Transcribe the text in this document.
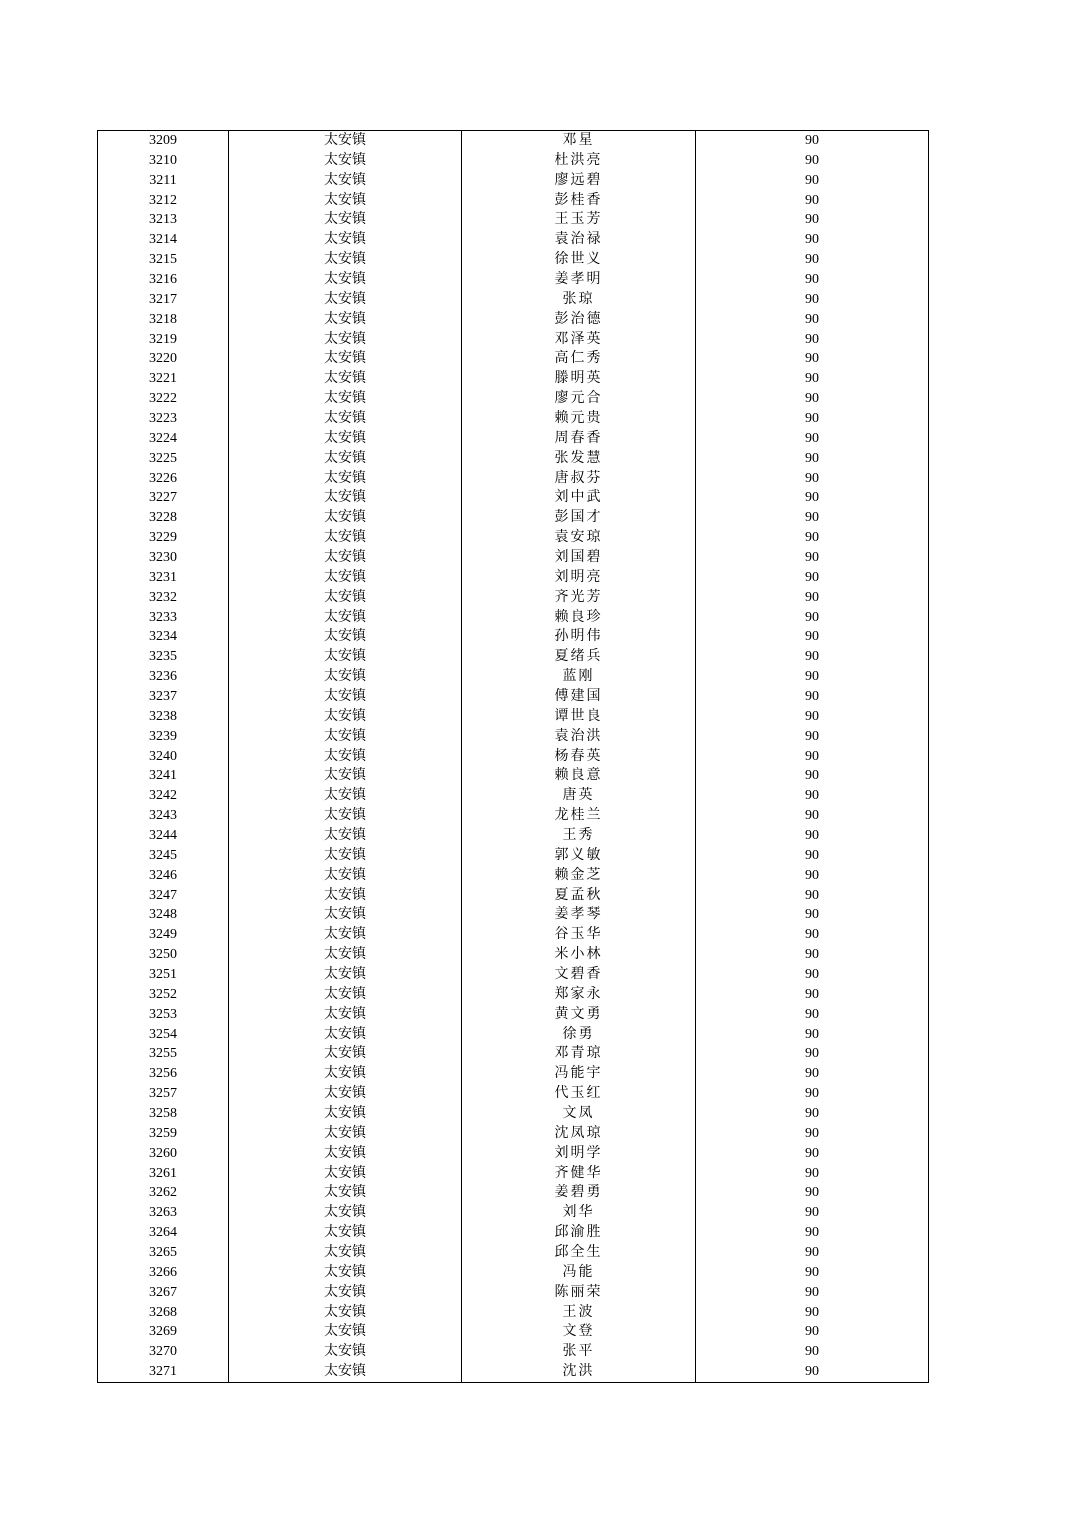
3209	太安镇	邓星	90
3210	太安镇	杜洪亮	90
3211	太安镇	廖远碧	90
3212	太安镇	彭桂香	90
3213	太安镇	王玉芳	90
3214	太安镇	袁治禄	90
3215	太安镇	徐世义	90
3216	太安镇	姜孝明	90
3217	太安镇	张琼	90
3218	太安镇	彭治德	90
3219	太安镇	邓泽英	90
3220	太安镇	高仁秀	90
3221	太安镇	滕明英	90
3222	太安镇	廖元合	90
3223	太安镇	赖元贵	90
3224	太安镇	周春香	90
3225	太安镇	张发慧	90
3226	太安镇	唐叔芬	90
3227	太安镇	刘中武	90
3228	太安镇	彭国才	90
3229	太安镇	袁安琼	90
3230	太安镇	刘国碧	90
3231	太安镇	刘明亮	90
3232	太安镇	齐光芳	90
3233	太安镇	赖良珍	90
3234	太安镇	孙明伟	90
3235	太安镇	夏绪兵	90
3236	太安镇	蓝刚	90
3237	太安镇	傅建国	90
3238	太安镇	谭世良	90
3239	太安镇	袁治洪	90
3240	太安镇	杨春英	90
3241	太安镇	赖良意	90
3242	太安镇	唐英	90
3243	太安镇	龙桂兰	90
3244	太安镇	王秀	90
3245	太安镇	郭义敏	90
3246	太安镇	赖金芝	90
3247	太安镇	夏孟秋	90
3248	太安镇	姜孝琴	90
3249	太安镇	谷玉华	90
3250	太安镇	米小林	90
3251	太安镇	文碧香	90
3252	太安镇	郑家永	90
3253	太安镇	黄文勇	90
3254	太安镇	徐勇	90
3255	太安镇	邓青琼	90
3256	太安镇	冯能宇	90
3257	太安镇	代玉红	90
3258	太安镇	文凤	90
3259	太安镇	沈凤琼	90
3260	太安镇	刘明学	90
3261	太安镇	齐健华	90
3262	太安镇	姜碧勇	90
3263	太安镇	刘华	90
3264	太安镇	邱渝胜	90
3265	太安镇	邱全生	90
3266	太安镇	冯能	90
3267	太安镇	陈丽荣	90
3268	太安镇	王波	90
3269	太安镇	文登	90
3270	太安镇	张平	90
3271	太安镇	沈洪	90
